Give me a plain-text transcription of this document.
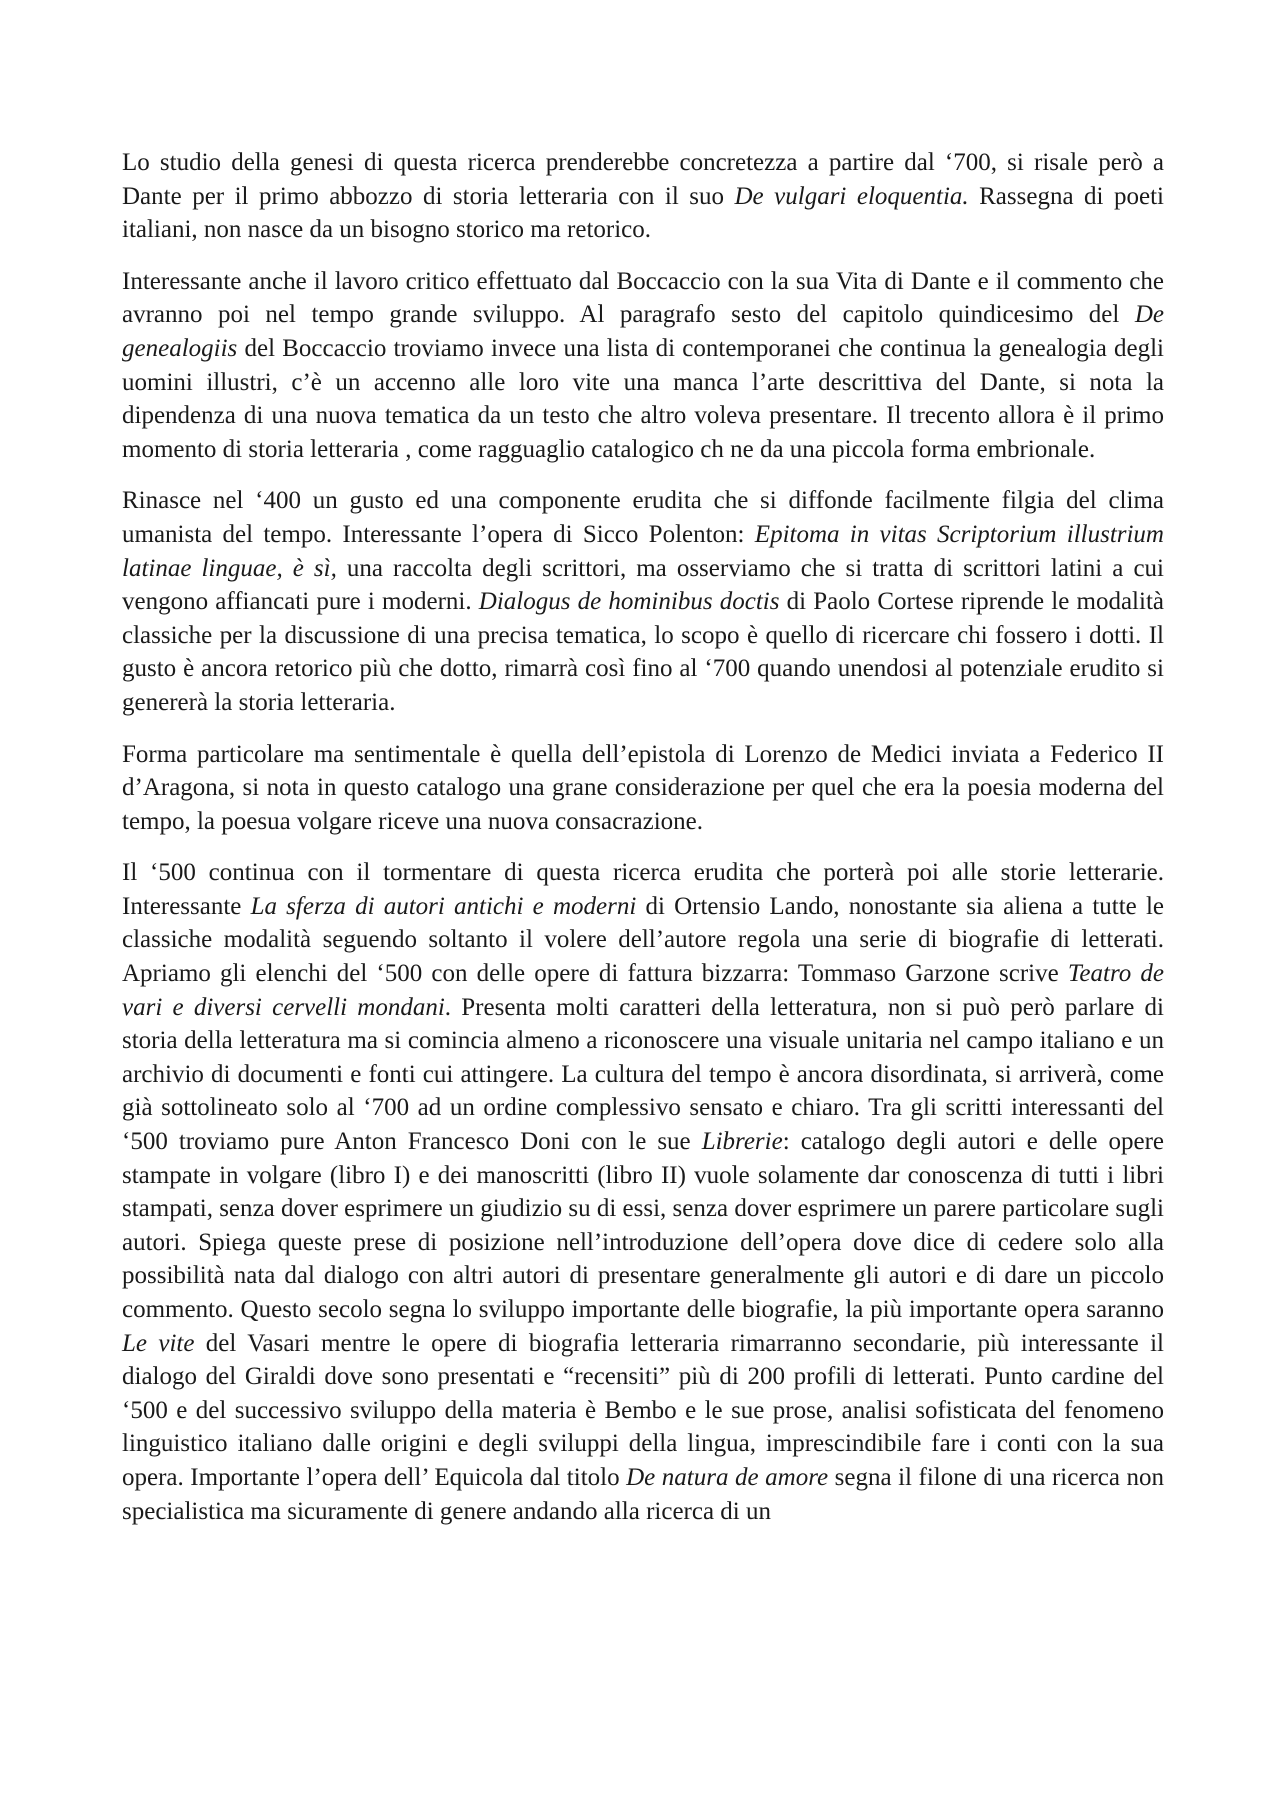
Lo studio della genesi di questa ricerca prenderebbe concretezza a partire dal ‘700, si risale però a Dante per il primo abbozzo di storia letteraria con il suo De vulgari eloquentia. Rassegna di poeti italiani, non nasce da un bisogno storico ma retorico.

Interessante anche il lavoro critico effettuato dal Boccaccio con la sua Vita di Dante e il commento che avranno poi nel tempo grande sviluppo. Al paragrafo sesto del capitolo quindicesimo del De genealogiis del Boccaccio troviamo invece una lista di contemporanei che continua la genealogia degli uomini illustri, c’è un accenno alle loro vite una manca l’arte descrittiva del Dante, si nota la dipendenza di una nuova tematica da un testo che altro voleva presentare. Il trecento allora è il primo momento di storia letteraria , come ragguaglio catalogico ch ne da una piccola forma embrionale.

Rinasce nel ‘400 un gusto ed una componente erudita che si diffonde facilmente filgia del clima umanista del tempo. Interessante l’opera di Sicco Polenton: Epitoma in vitas Scriptorium illustrium latinae linguae, è sì, una raccolta degli scrittori, ma osserviamo che si tratta di scrittori latini a cui vengono affiancati pure i moderni. Dialogus de hominibus doctis di Paolo Cortese riprende le modalità classiche per la discussione di una precisa tematica, lo scopo è quello di ricercare chi fossero i dotti. Il gusto è ancora retorico più che dotto, rimarrà così fino al ‘700 quando unendosi al potenziale erudito si genererà la storia letteraria.

Forma particolare ma sentimentale è quella dell’epistola di Lorenzo de Medici inviata a Federico II d’Aragona, si nota in questo catalogo una grane considerazione per quel che era la poesia moderna del tempo, la poesua volgare riceve una nuova consacrazione.

Il ‘500 continua con il tormentare di questa ricerca erudita che porterà poi alle storie letterarie. Interessante La sferza di autori antichi e moderni di Ortensio Lando, nonostante sia aliena a tutte le classiche modalità seguendo soltanto il volere dell’autore regola una serie di biografie di letterati. Apriamo gli elenchi del ‘500 con delle opere di fattura bizzarra: Tommaso Garzone scrive Teatro de vari e diversi cervelli mondani. Presenta molti caratteri della letteratura, non si può però parlare di storia della letteratura ma si comincia almeno a riconoscere una visuale unitaria nel campo italiano e un archivio di documenti e fonti cui attingere. La cultura del tempo è ancora disordinata, si arriverà, come già sottolineato solo al ‘700 ad un ordine complessivo sensato e chiaro. Tra gli scritti interessanti del ‘500 troviamo pure Anton Francesco Doni con le sue Librerie: catalogo degli autori e delle opere stampate in volgare (libro I) e dei manoscritti (libro II) vuole solamente dar conoscenza di tutti i libri stampati, senza dover esprimere un giudizio su di essi, senza dover esprimere un parere particolare sugli autori. Spiega queste prese di posizione nell’introduzione dell’opera dove dice di cedere solo alla possibilità nata dal dialogo con altri autori di presentare generalmente gli autori e di dare un piccolo commento. Questo secolo segna lo sviluppo importante delle biografie, la più importante opera saranno Le vite del Vasari mentre le opere di biografia letteraria rimarranno secondarie, più interessante il dialogo del Giraldi dove sono presentati e “recensiti” più di 200 profili di letterati. Punto cardine del ‘500 e del successivo sviluppo della materia è Bembo e le sue prose, analisi sofisticata del fenomeno linguistico italiano dalle origini e degli sviluppi della lingua, imprescindibile fare i conti con la sua opera. Importante l’opera dell’ Equicola dal titolo De natura de amore segna il filone di una ricerca non specialistica ma sicuramente di genere andando alla ricerca di un
